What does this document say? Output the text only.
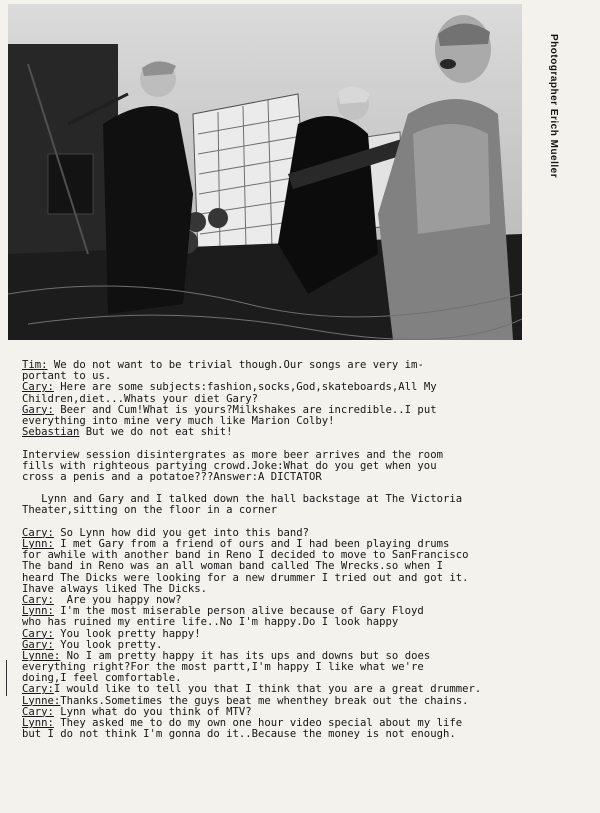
Photographer Erich Mueller
Tim: We do not want to be trivial though.Our songs are very im-
portant to us.
Cary: Here are some subjects:fashion,socks,God,skateboards,All My
Children,diet...Whats your diet Gary?
Gary: Beer and Cum!What is yours?Milkshakes are incredible..I put
everything into mine very much like Marion Colby!
Sebastian But we do not eat shit!
Interview session disintergrates as more beer arrives and the room
fills with righteous partying crowd.Joke:What do you get when you
cross a penis and a potatoe???Answer:A DICTATOR
Lynn and Gary and I talked down the hall backstage at The Victoria
Theater,sitting on the floor in a corner
Cary: So Lynn how did you get into this band?
Lynn: I met Gary from a friend of ours and I had been playing drums
for awhile with another band in Reno I decided to move to SanFrancisco
The band in Reno was an all woman band called The Wrecks.so when I
heard The Dicks were looking for a new drummer I tried out and got it.
Ihave always liked The Dicks.
Cary:  Are you happy now?
Lynn: I'm the most miserable person alive because of Gary Floyd
who has ruined my entire life..No I'm happy.Do I look happy
Cary: You look pretty happy!
Gary: You look pretty.
Lynne: No I am pretty happy it has its ups and downs but so does
everything right?For the most partt,I'm happy I like what we're
doing,I feel comfortable.
Cary:I would like to tell you that I think that you are a great drummer.
Lynne:Thanks.Sometimes the guys beat me whenthey break out the chains.
Cary: Lynn what do you think of MTV?
Lynn: They asked me to do my own one hour video special about my life
but I do not think I'm gonna do it..Because the money is not enough.
